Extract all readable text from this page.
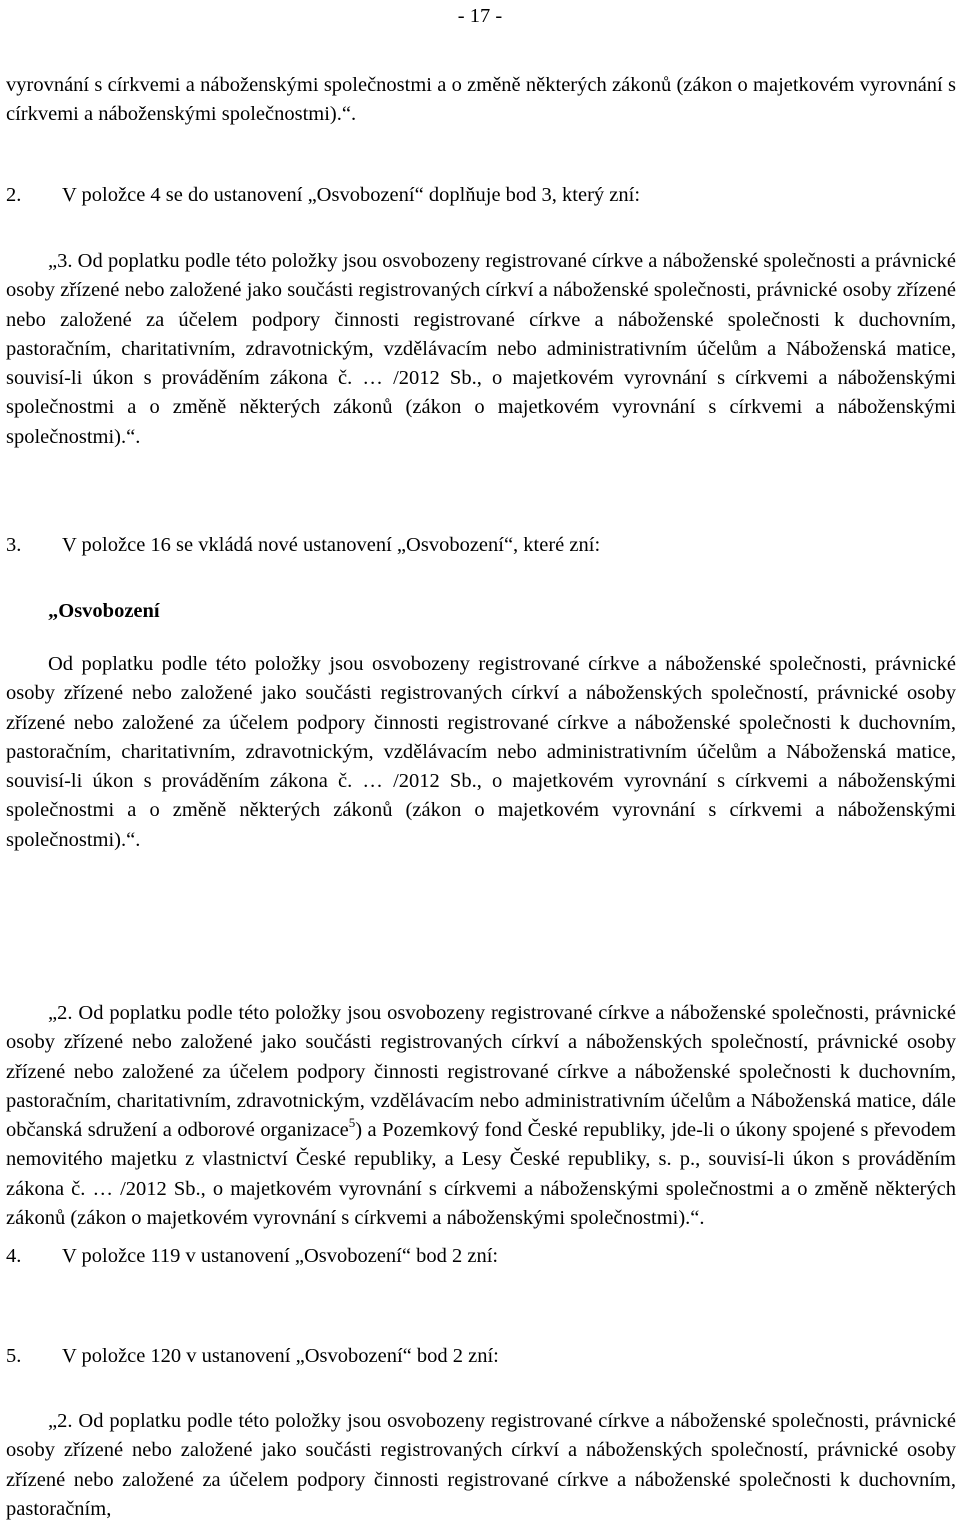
- 17 -

vyrovnání s církvemi a náboženskými společnostmi a o změně některých zákonů (zákon o majetkovém vyrovnání s církvemi a náboženskými společnostmi).“.

2. V položce 4 se do ustanovení „Osvobození“ doplňuje bod 3, který zní:

„3. Od poplatku podle této položky jsou osvobozeny registrované církve a náboženské společnosti a právnické osoby zřízené nebo založené jako součásti registrovaných církví a náboženské společnosti, právnické osoby zřízené nebo založené za účelem podpory činnosti registrované církve a náboženské společnosti k duchovním, pastoračním, charitativním, zdravotnickým, vzdělávacím nebo administrativním účelům a Náboženská matice, souvisí-li úkon s prováděním zákona č. … /2012 Sb., o majetkovém vyrovnání s církvemi a náboženskými společnostmi a o změně některých zákonů (zákon o majetkovém vyrovnání s církvemi a náboženskými společnostmi).“.

3. V položce 16 se vkládá nové ustanovení „Osvobození“, které zní:

„Osvobození

Od poplatku podle této položky jsou osvobozeny registrované církve a náboženské společnosti, právnické osoby zřízené nebo založené jako součásti registrovaných církví a náboženských společností, právnické osoby zřízené nebo založené za účelem podpory činnosti registrované církve a náboženské společnosti k duchovním, pastoračním, charitativním, zdravotnickým, vzdělávacím nebo administrativním účelům a Náboženská matice, souvisí-li úkon s prováděním zákona č. … /2012 Sb., o majetkovém vyrovnání s církvemi a náboženskými společnostmi a o změně některých zákonů (zákon o majetkovém vyrovnání s církvemi a náboženskými společnostmi).“.

4. V položce 119 v ustanovení „Osvobození“ bod 2 zní:

„2. Od poplatku podle této položky jsou osvobozeny registrované církve a náboženské společnosti, právnické osoby zřízené nebo založené jako součásti registrovaných církví a náboženských společností, právnické osoby zřízené nebo založené za účelem podpory činnosti registrované církve a náboženské společnosti k duchovním, pastoračním, charitativním, zdravotnickým, vzdělávacím nebo administrativním účelům a Náboženská matice, dále občanská sdružení a odborové organizace$^5$) a Pozemkový fond České republiky, jde-li o úkony spojené s převodem nemovitého majetku z vlastnictví České republiky, a Lesy České republiky, s. p., souvisí-li úkon s prováděním zákona č. … /2012 Sb., o majetkovém vyrovnání s církvemi a náboženskými společnostmi a o změně některých zákonů (zákon o majetkovém vyrovnání s církvemi a náboženskými společnostmi).“.

5. V položce 120 v ustanovení „Osvobození“ bod 2 zní:

„2. Od poplatku podle této položky jsou osvobozeny registrované církve a náboženské společnosti, právnické osoby zřízené nebo založené jako součásti registrovaných církví a náboženských společností, právnické osoby zřízené nebo založené za účelem podpory činnosti registrované církve a náboženské společnosti k duchovním, pastoračním,
